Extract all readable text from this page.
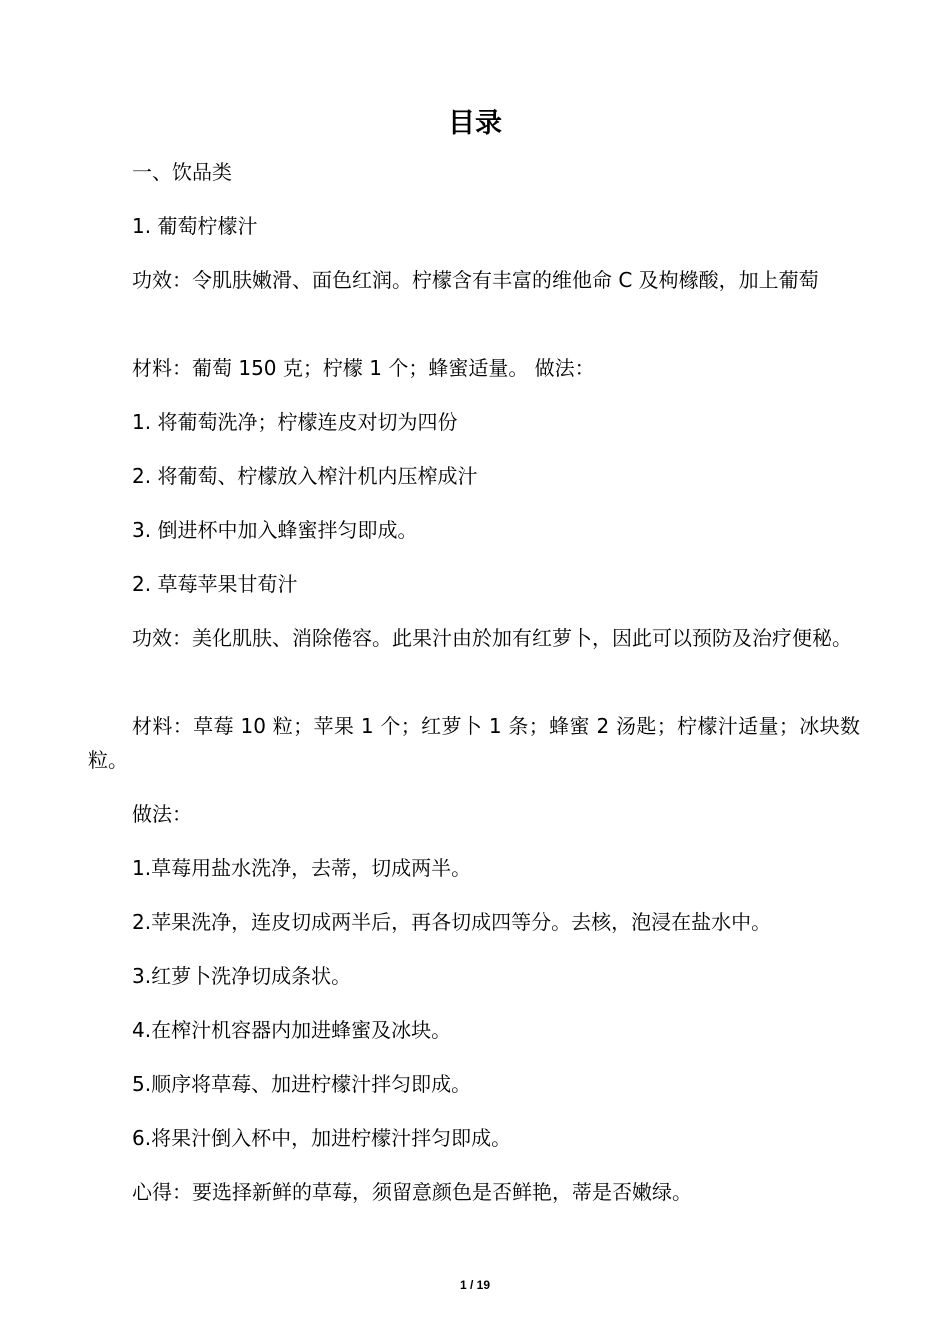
目录

一、饮品类

1. 葡萄柠檬汁

功效：令肌肤嫩滑、面色红润。柠檬含有丰富的维他命 C 及枸橼酸，加上葡萄

材料：葡萄 150 克；柠檬 1 个；蜂蜜适量。 做法：

1. 将葡萄洗净；柠檬连皮对切为四份

2. 将葡萄、柠檬放入榨汁机内压榨成汁

3. 倒进杯中加入蜂蜜拌匀即成。

2. 草莓苹果甘荀汁

功效：美化肌肤、消除倦容。此果汁由於加有红萝卜，因此可以预防及治疗便秘。

材料：草莓 10 粒；苹果 1 个；红萝卜 1 条；蜂蜜 2 汤匙；柠檬汁适量；冰块数粒。

做法：

1.草莓用盐水洗净，去蒂，切成两半。

2.苹果洗净，连皮切成两半后，再各切成四等分。去核，泡浸在盐水中。

3.红萝卜洗净切成条状。

4.在榨汁机容器内加进蜂蜜及冰块。

5.顺序将草莓、加进柠檬汁拌匀即成。

6.将果汁倒入杯中，加进柠檬汁拌匀即成。

心得：要选择新鲜的草莓，须留意颜色是否鲜艳，蒂是否嫩绿。

1 / 19
